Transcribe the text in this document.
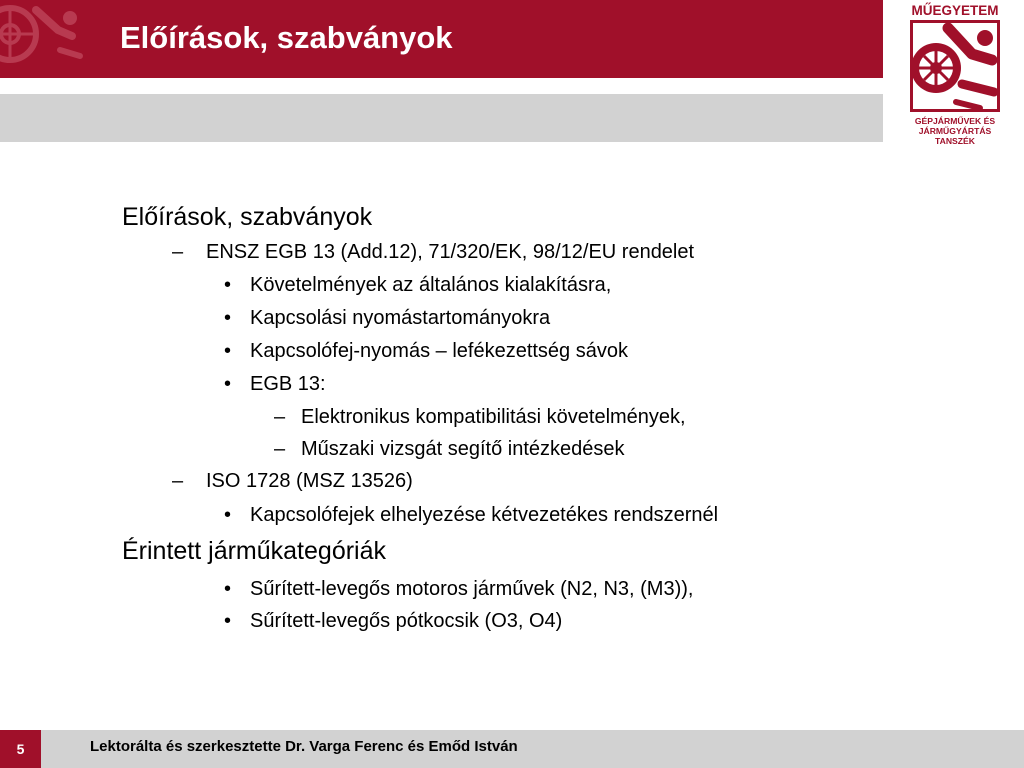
Előírások, szabványok
MŰEGYETEM
GÉPJÁRMŰVEK ÉS
JÁRMŰGYÁRTÁS
TANSZÉK
Előírások, szabványok
– ENSZ EGB 13 (Add.12), 71/320/EK, 98/12/EU rendelet
• Követelmények az általános kialakításra,
• Kapcsolási nyomástartományokra
• Kapcsolófej-nyomás – lefékezettség sávok
• EGB 13:
– Elektronikus kompatibilitási követelmények,
– Műszaki vizsgát segítő intézkedések
– ISO 1728 (MSZ 13526)
• Kapcsolófejek elhelyezése kétvezetékes rendszernél
Érintett járműkategóriák
• Sűrített-levegős motoros járművek (N2, N3, (M3)),
• Sűrített-levegős pótkocsik (O3, O4)
5	Lektorálta és szerkesztette Dr. Varga Ferenc és Emőd István
